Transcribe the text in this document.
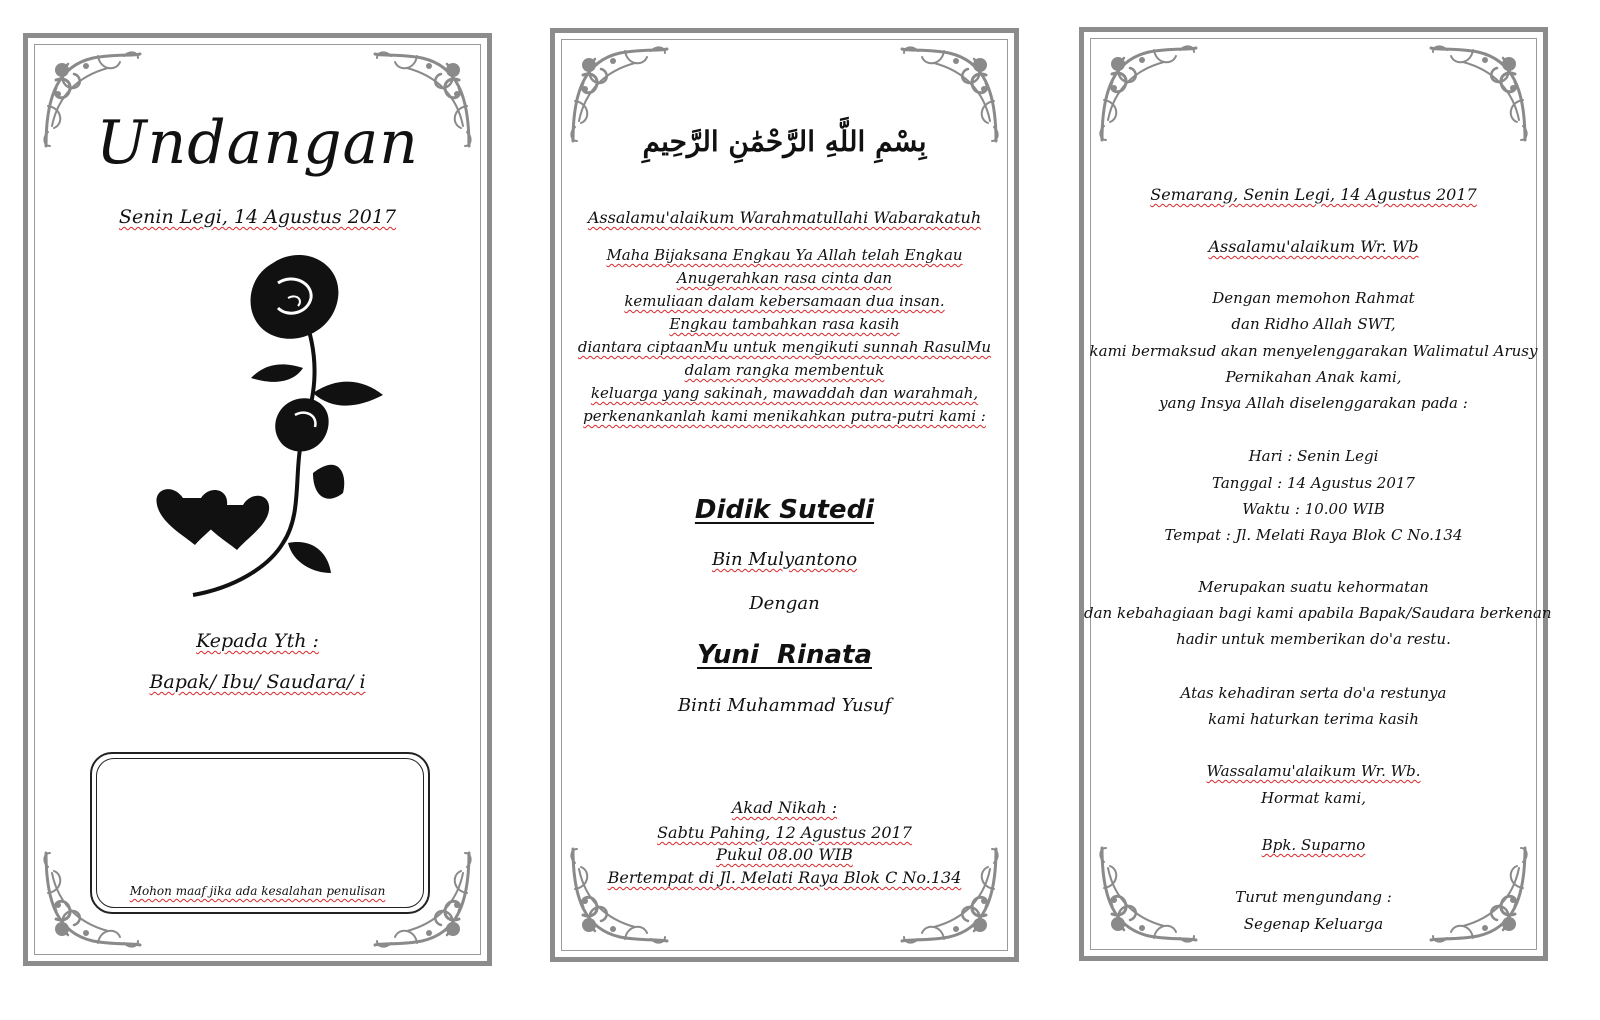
Undangan
Senin Legi, 14 Agustus 2017
Kepada Yth :
Bapak/ Ibu/ Saudara/ i
Mohon maaf jika ada kesalahan penulisan
بِسْمِ اللَّهِ الرَّحْمَٰنِ الرَّحِيمِ
Assalamu'alaikum Warahmatullahi Wabarakatuh
Maha Bijaksana Engkau Ya Allah telah Engkau
Anugerahkan rasa cinta dan
kemuliaan dalam kebersamaan dua insan.
Engkau tambahkan rasa kasih
diantara ciptaanMu untuk mengikuti sunnah RasulMu
dalam rangka membentuk
keluarga yang sakinah, mawaddah dan warahmah,
perkenankanlah kami menikahkan putra-putri kami :
Didik Sutedi
Bin Mulyantono
Dengan
Yuni  Rinata
Binti Muhammad Yusuf
Akad Nikah :
Sabtu Pahing, 12 Agustus 2017
Pukul 08.00 WIB
Bertempat di Jl. Melati Raya Blok C No.134
Semarang, Senin Legi, 14 Agustus 2017
Assalamu'alaikum Wr. Wb
Dengan memohon Rahmat
dan Ridho Allah SWT,
kami bermaksud akan menyelenggarakan Walimatul Arusy
Pernikahan Anak kami,
yang Insya Allah diselenggarakan pada :
Hari : Senin Legi
Tanggal : 14 Agustus 2017
Waktu : 10.00 WIB
Tempat : Jl. Melati Raya Blok C No.134
Merupakan suatu kehormatan
dan kebahagiaan bagi kami apabila Bapak/Saudara berkenan
hadir untuk memberikan do'a restu.
Atas kehadiran serta do'a restunya
kami haturkan terima kasih
Wassalamu'alaikum Wr. Wb.
Hormat kami,
Bpk. Suparno
Turut mengundang :
Segenap Keluarga
